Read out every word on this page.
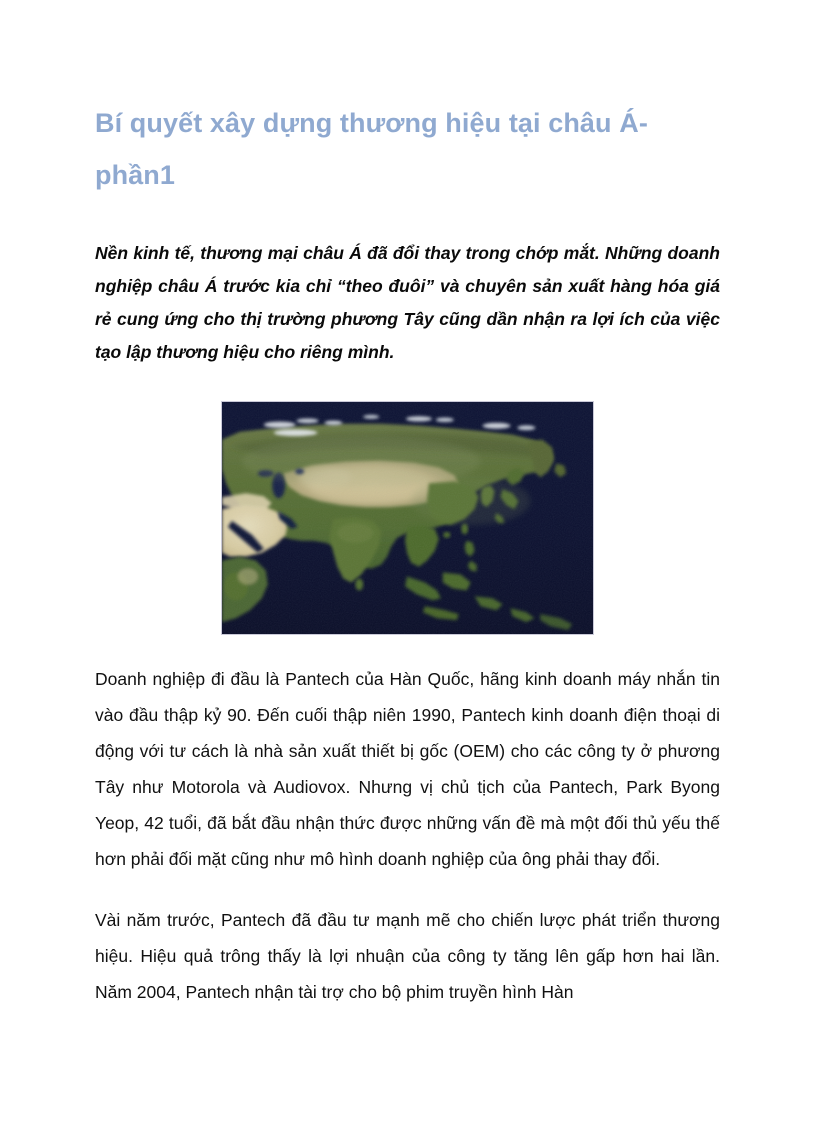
Bí quyết xây dựng thương hiệu tại châu Á-phần1

Nền kinh tế, thương mại châu Á đã đổi thay trong chớp mắt. Những doanh nghiệp châu Á trước kia chỉ “theo đuôi” và chuyên sản xuất hàng hóa giá rẻ cung ứng cho thị trường phương Tây cũng dần nhận ra lợi ích của việc tạo lập thương hiệu cho riêng mình.

Doanh nghiệp đi đầu là Pantech của Hàn Quốc, hãng kinh doanh máy nhắn tin vào đầu thập kỷ 90. Đến cuối thập niên 1990, Pantech kinh doanh điện thoại di động với tư cách là nhà sản xuất thiết bị gốc (OEM) cho các công ty ở phương Tây như Motorola và Audiovox. Nhưng vị chủ tịch của Pantech, Park Byong Yeop, 42 tuổi, đã bắt đầu nhận thức được những vấn đề mà một đối thủ yếu thế hơn phải đối mặt cũng như mô hình doanh nghiệp của ông phải thay đổi.

Vài năm trước, Pantech đã đầu tư mạnh mẽ cho chiến lược phát triển thương hiệu. Hiệu quả trông thấy là lợi nhuận của công ty tăng lên gấp hơn hai lần. Năm 2004, Pantech nhận tài trợ cho bộ phim truyền hình Hàn
